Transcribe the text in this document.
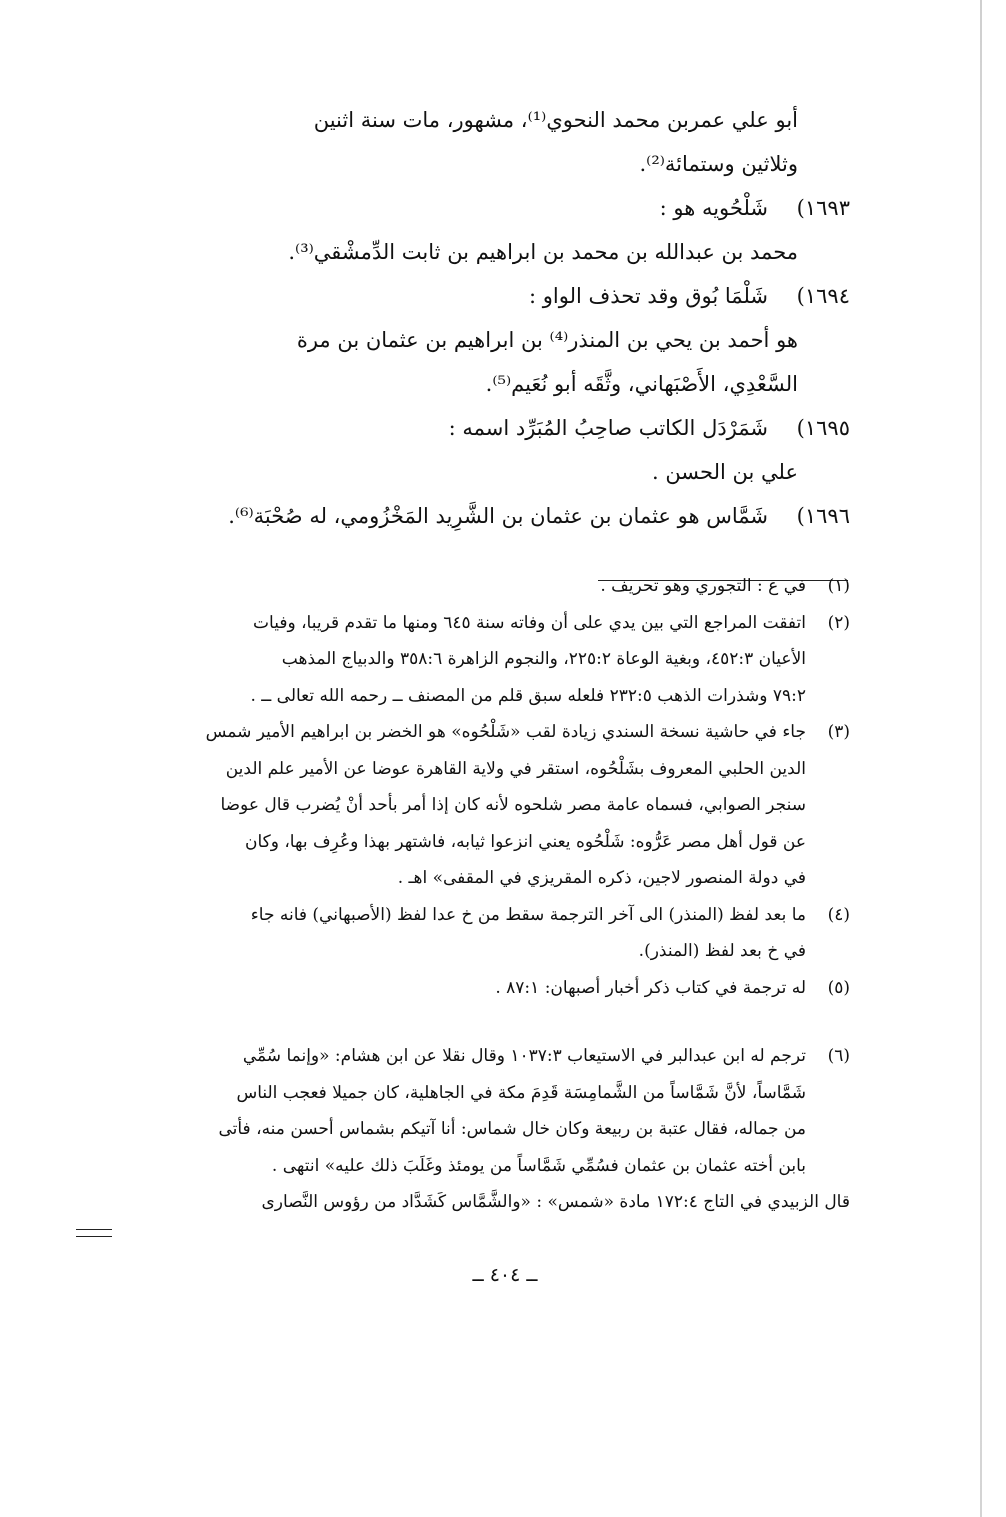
أبو علي عمربن محمد النحوي⁽¹⁾، مشهور، مات سنة اثنين

وثلاثين وستمائة⁽²⁾.

١٦٩٣)
شَلْحُويه هو :

محمد بن عبدالله بن محمد بن ابراهيم بن ثابت الدِّمشْقي⁽³⁾.

١٦٩٤)
شَلْمَا بُوق وقد تحذف الواو :

هو أحمد بن يحي بن المنذر⁽⁴⁾ بن ابراهيم بن عثمان بن مرة

السَّعْدِي، الأَصْبَهاني، وثَّقَه أبو نُعَيم⁽⁵⁾.

١٦٩٥)
شَمَرْدَل الكاتب صاحِبُ المُبَرِّد اسمه :

علي بن الحسن .

١٦٩٦)
شَمَّاس هو عثمان بن عثمان بن الشَّرِيد المَخْزُومي، له صُحْبَة⁽⁶⁾.
(١)
في ع : التجوري وهو تحريف .
(٢)
اتفقت المراجع التي بين يدي على أن وفاته سنة ٦٤٥ ومنها ما تقدم قريبا، وفيات
الأعيان ٤٥٢:٣، وبغية الوعاة ٢٢٥:٢، والنجوم الزاهرة ٣٥٨:٦ والدبياج المذهب
٧٩:٢ وشذرات الذهب ٢٣٢:٥ فلعله سبق قلم من المصنف ــ رحمه الله تعالى ــ .
(٣)
جاء في حاشية نسخة السندي زيادة لقب «شَلْحُوه» هو الخضر بن ابراهيم الأمير شمس
الدين الحلبي المعروف بشَلْحُوه، استقر في ولاية القاهرة عوضا عن الأمير علم الدين
سنجر الصوابي، فسماه عامة مصر شلحوه لأنه كان إذا أمر بأحد أنْ يُضرب قال عوضا
عن قول أهل مصر عَرُّوه: شَلْحُوه يعني انزعوا ثيابه، فاشتهر بهذا وعُرِف بها، وكان
في دولة المنصور لاجين، ذكره المقريزي في المقفى» اهـ .
(٤)
ما بعد لفظ (المنذر) الى آخر الترجمة سقط من خ عدا لفظ (الأصبهاني) فانه جاء
في خ بعد لفظ (المنذر).
(٥)
له ترجمة في كتاب ذكر أخبار أصبهان: ٨٧:١ .
(٦)
ترجم له ابن عبدالبر في الاستيعاب ١٠٣٧:٣ وقال نقلا عن ابن هشام: «وإنما سُمِّي
شَمَّاساً، لأنَّ شَمَّاساً من الشَّمامِسَة قَدِمَ مكة في الجاهلية، كان جميلا فعجب الناس
من جماله، فقال عتبة بن ربيعة وكان خال شماس: أنا آتيكم بشماس أحسن منه، فأتى
بابن أخته عثمان بن عثمان فسُمِّي شَمَّاساً من يومئذ وغَلَبَ ذلك عليه» انتهى .

قال الزبيدي في التاج ١٧٢:٤ مادة «شمس» : «والشَّمَّاس كَشَدَّاد من رؤوس النَّصارى

ــ ٤٠٤ ــ
